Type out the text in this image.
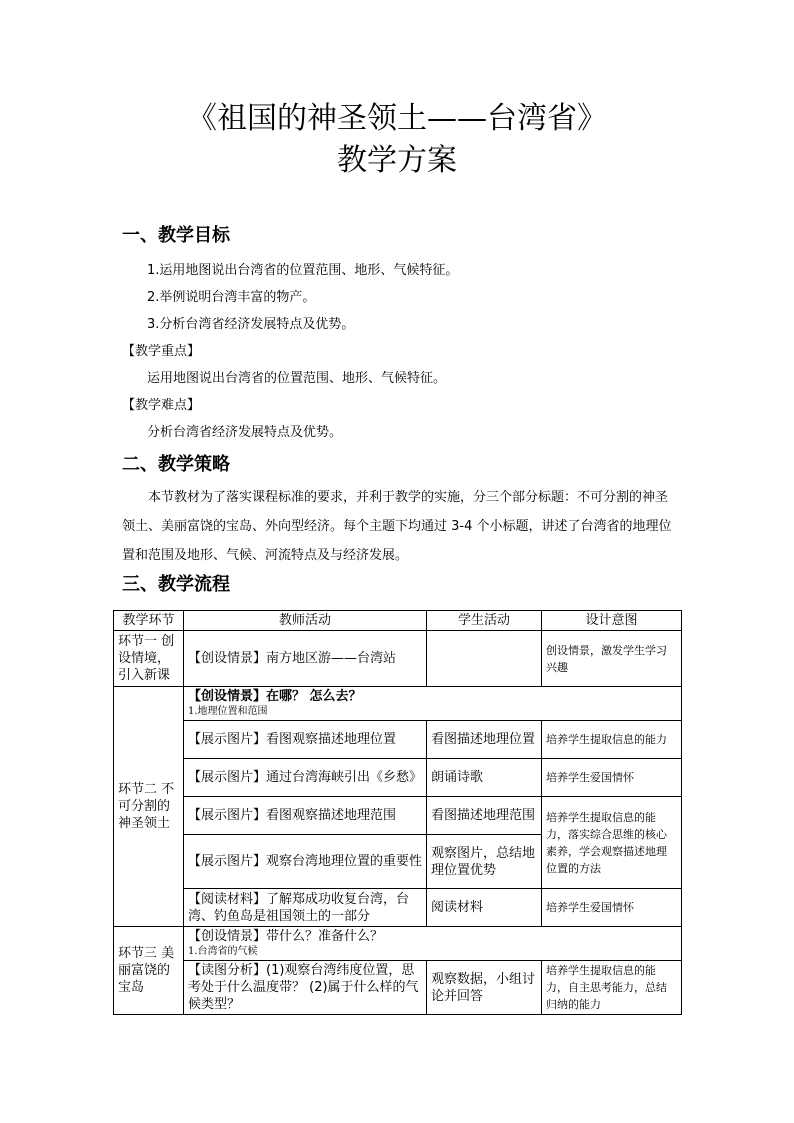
《祖国的神圣领土——台湾省》
教学方案
一、教学目标
1.运用地图说出台湾省的位置范围、地形、气候特征。
2.举例说明台湾丰富的物产。
3.分析台湾省经济发展特点及优势。
【教学重点】
运用地图说出台湾省的位置范围、地形、气候特征。
【教学难点】
分析台湾省经济发展特点及优势。
二、教学策略
本节教材为了落实课程标准的要求，并利于教学的实施，分三个部分标题：不可分割的神圣领土、美丽富饶的宝岛、外向型经济。每个主题下均通过 3-4 个小标题，讲述了台湾省的地理位置和范围及地形、气候、河流特点及与经济发展。
三、教学流程
教学环节	教师活动	学生活动	设计意图
环节一 创设情境，引入新课	【创设情景】南方地区游——台湾站		创设情景，激发学生学习兴趣
环节二 不可分割的神圣领土	【创设情景】在哪？ 怎么去？
1.地理位置和范围		

	【展示图片】看图观察描述地理位置	看图描述地理位置	培养学生提取信息的能力
	【展示图片】通过台湾海峡引出《乡愁》	朗诵诗歌	培养学生爱国情怀
	【展示图片】看图观察描述地理范围	看图描述地理范围	培养学生提取信息的能力，落实综合思维的核心素养，学会观察描述地理位置的方法
	【展示图片】观察台湾地理位置的重要性	观察图片，总结地理位置优势	
	【阅读材料】了解郑成功收复台湾，台湾、钓鱼岛是祖国领土的一部分	阅读材料	培养学生爱国情怀
环节三 美丽富饶的宝岛	【创设情景】带什么？准备什么？
1.台湾省的气候		

	【读图分析】(1)观察台湾纬度位置，思考处于什么温度带？ (2)属于什么样的气候类型？	观察数据，小组讨论并回答	培养学生提取信息的能力，自主思考能力，总结归纳的能力
